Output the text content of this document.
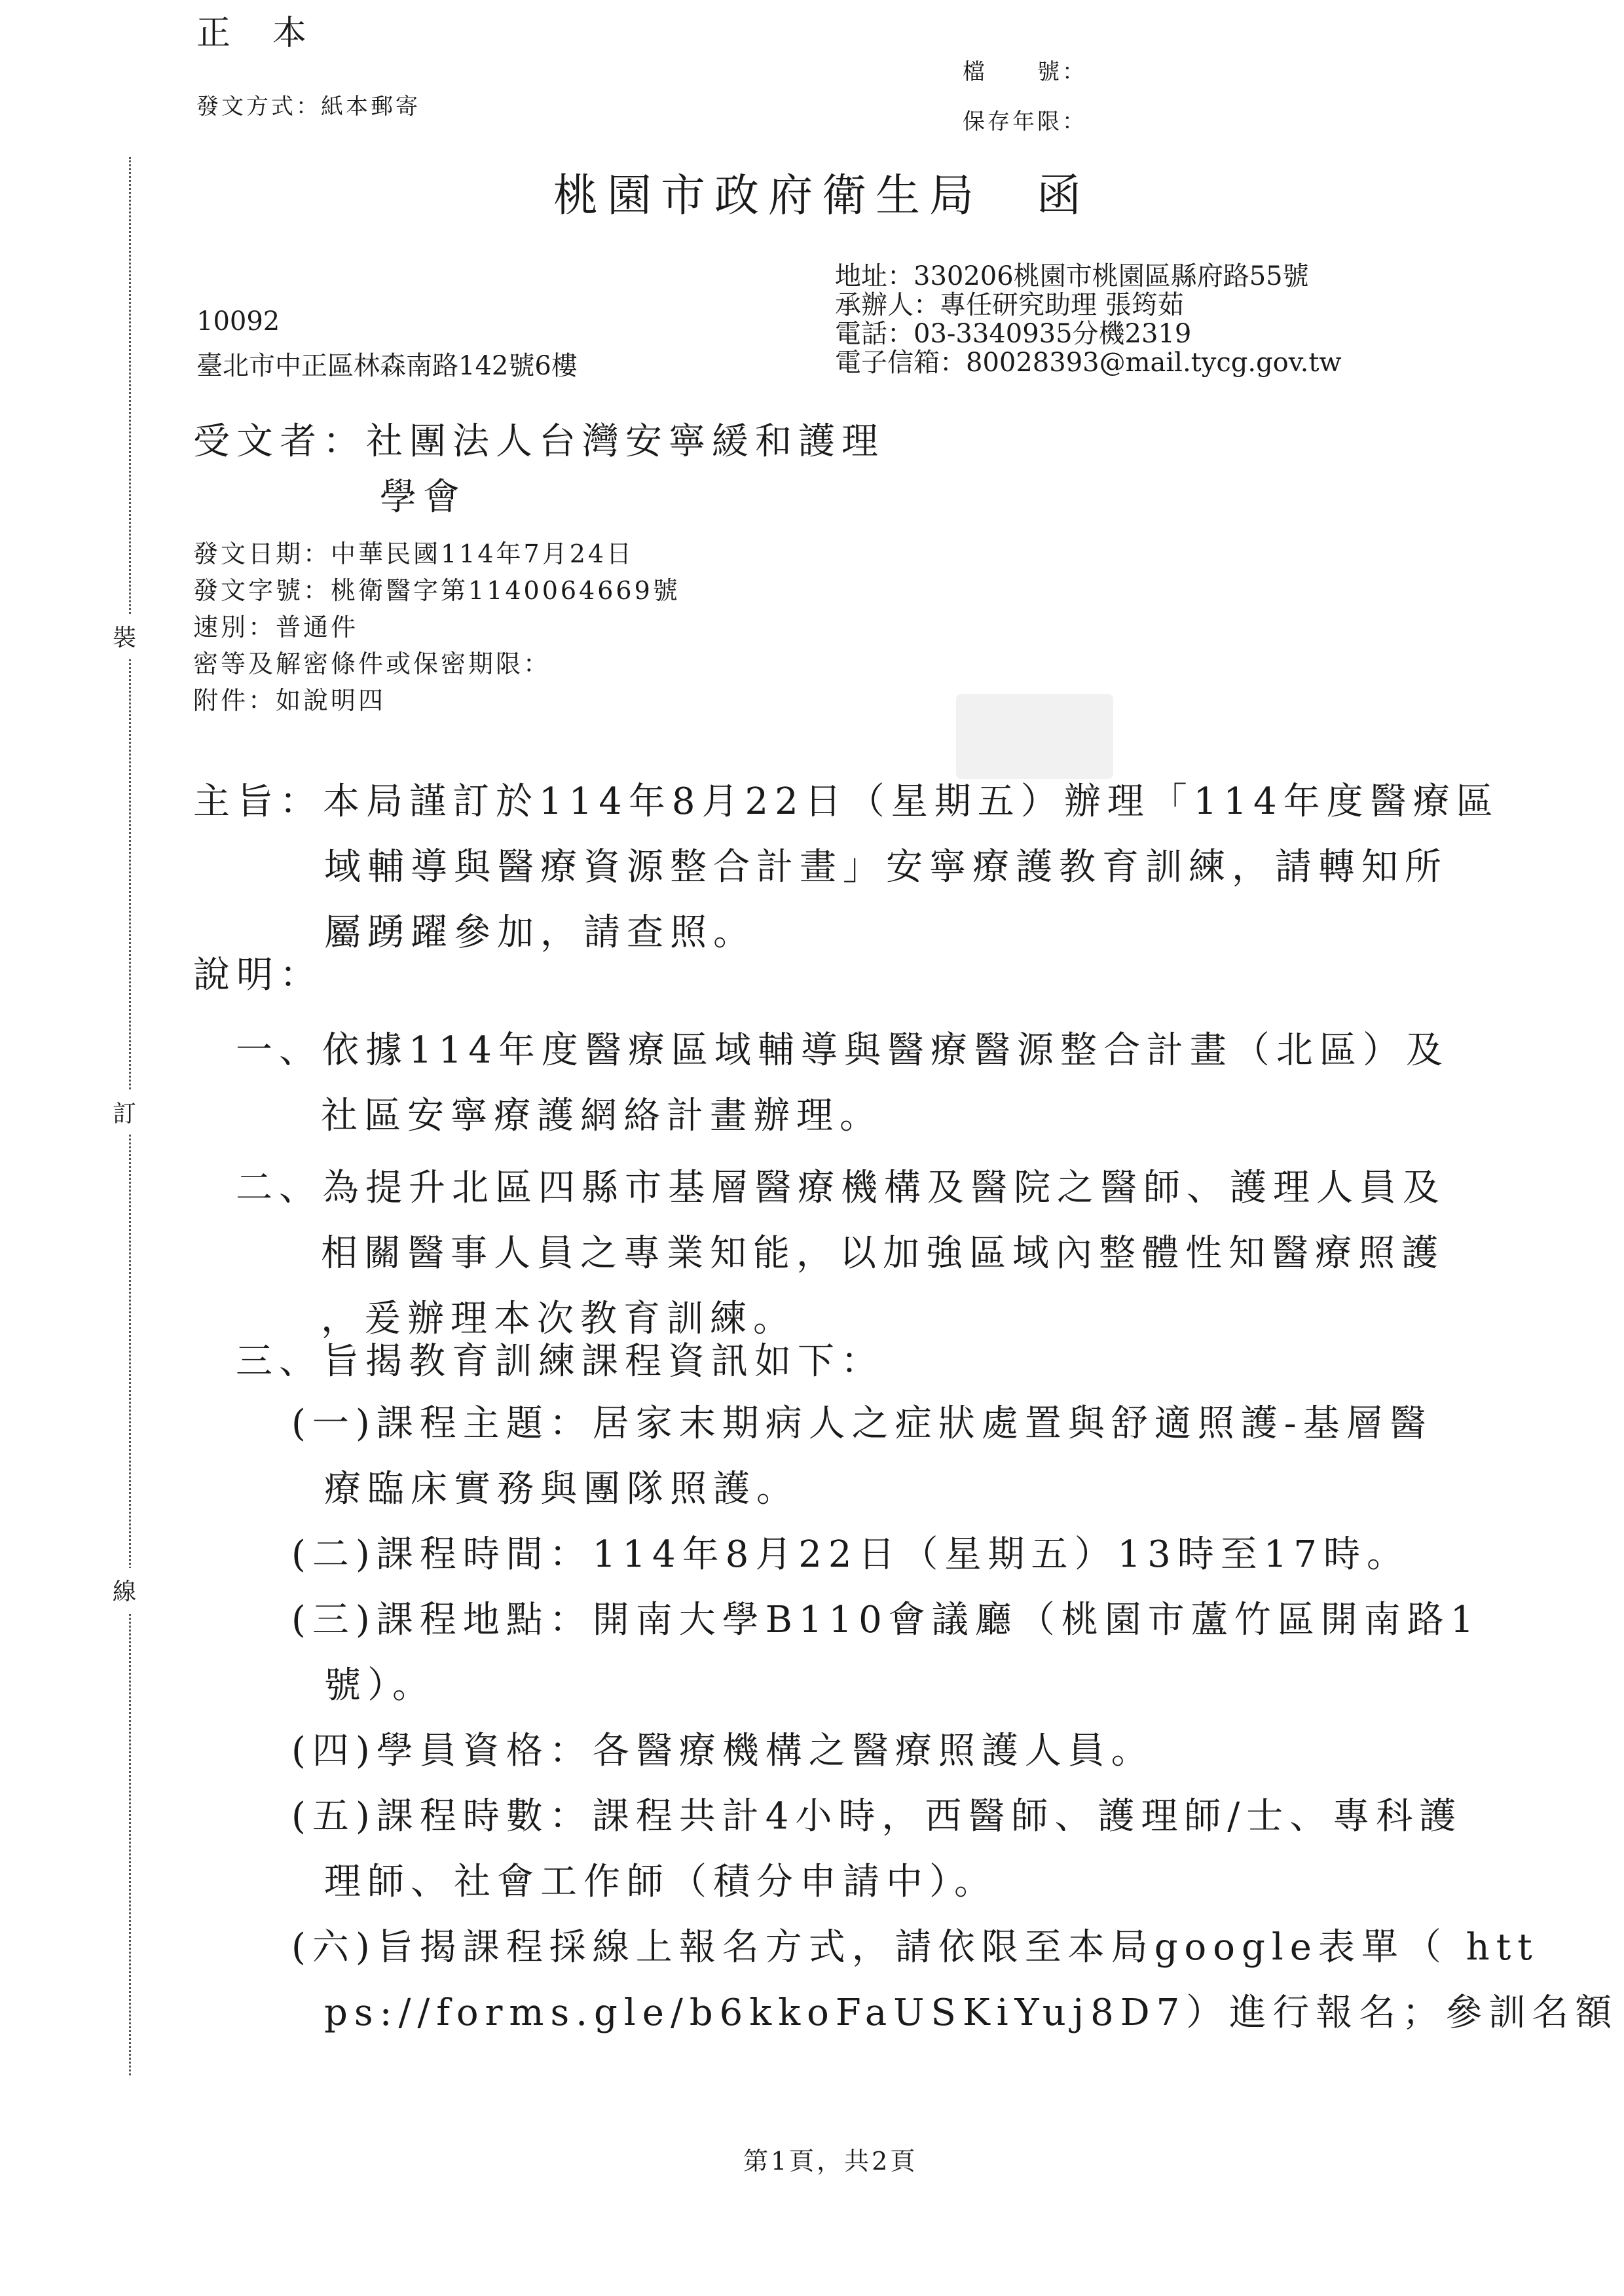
正　本
發文方式：紙本郵寄
檔　　號：
保存年限：
桃園市政府衛生局　函
地址：330206桃園市桃園區縣府路55號
承辦人：專任研究助理 張筠茹
電話：03-3340935分機2319
電子信箱：80028393@mail.tycg.gov.tw
10092
臺北市中正區林森南路142號6樓
受文者：社團法人台灣安寧緩和護理
學會
發文日期：中華民國114年7月24日
發文字號：桃衛醫字第1140064669號
速別：普通件
密等及解密條件或保密期限：
附件：如說明四
主旨：本局謹訂於114年8月22日（星期五）辦理「114年度醫療區
域輔導與醫療資源整合計畫」安寧療護教育訓練，請轉知所
屬踴躍參加，請查照。
說明：
一、依據114年度醫療區域輔導與醫療醫源整合計畫（北區）及
社區安寧療護網絡計畫辦理。
二、為提升北區四縣市基層醫療機構及醫院之醫師、護理人員及
相關醫事人員之專業知能，以加強區域內整體性知醫療照護
，爰辦理本次教育訓練。
三、旨揭教育訓練課程資訊如下：
(一)課程主題：居家末期病人之症狀處置與舒適照護-基層醫
療臨床實務與團隊照護。
(二)課程時間：114年8月22日（星期五）13時至17時。
(三)課程地點：開南大學B110會議廳（桃園市蘆竹區開南路1
號）。
(四)學員資格：各醫療機構之醫療照護人員。
(五)課程時數：課程共計4小時，西醫師、護理師/士、專科護
理師、社會工作師（積分申請中）。
(六)旨揭課程採線上報名方式，請依限至本局google表單（ htt
ps://forms.gle/b6kkoFaUSKiYuj8D7）進行報名；參訓名額
裝
訂
線
第1頁，共2頁
